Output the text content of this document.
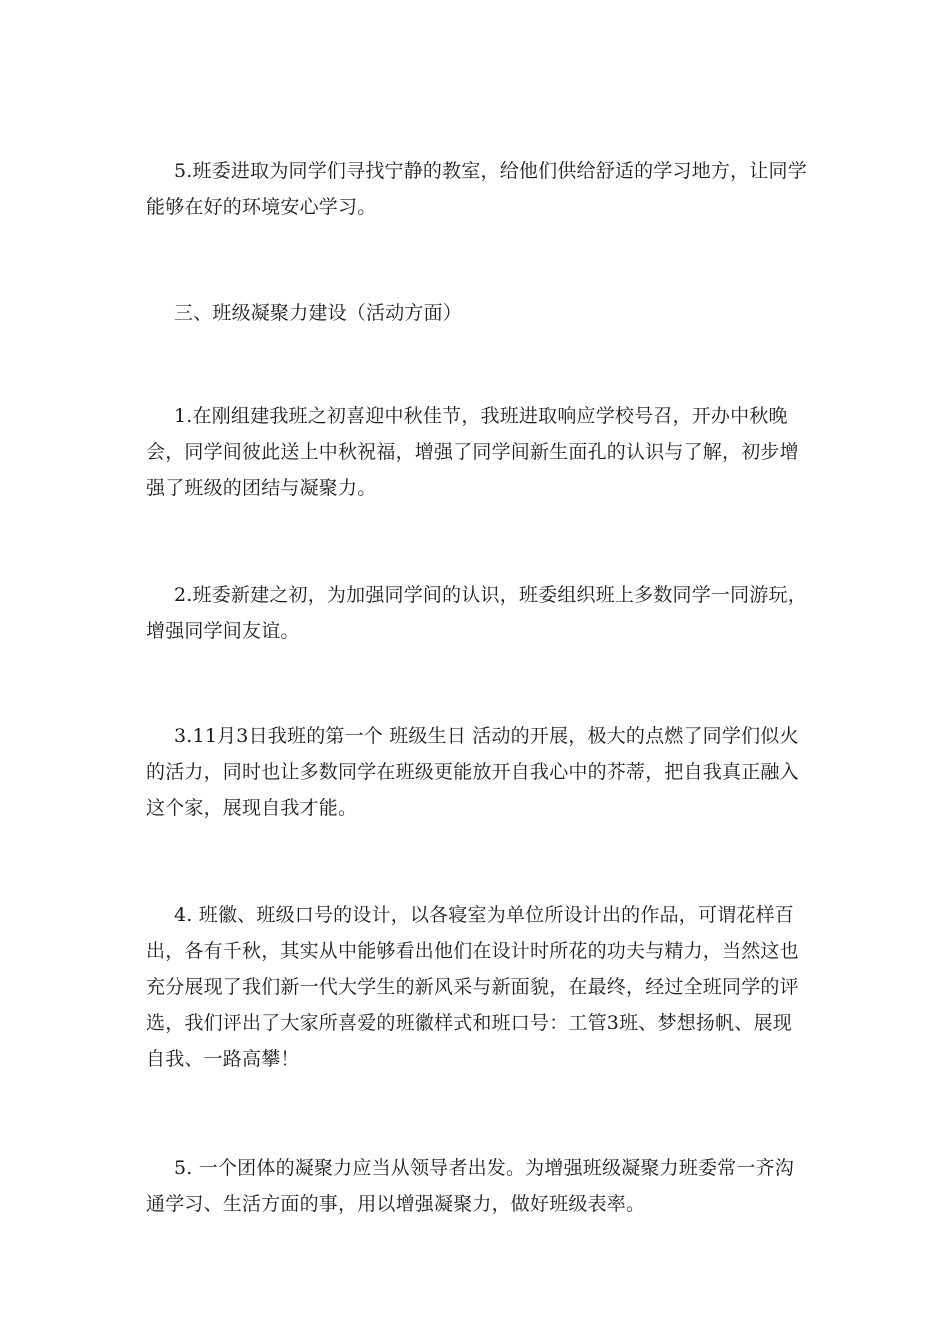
5.班委进取为同学们寻找宁静的教室，给他们供给舒适的学习地方，让同学能够在好的环境安心学习。

三、班级凝聚力建设（活动方面）

1.在刚组建我班之初喜迎中秋佳节，我班进取响应学校号召，开办中秋晚会，同学间彼此送上中秋祝福，增强了同学间新生面孔的认识与了解，初步增强了班级的团结与凝聚力。

2.班委新建之初，为加强同学间的认识，班委组织班上多数同学一同游玩，增强同学间友谊。

3.11月3日我班的第一个 班级生日 活动的开展，极大的点燃了同学们似火的活力，同时也让多数同学在班级更能放开自我心中的芥蒂，把自我真正融入这个家，展现自我才能。

4. 班徽、班级口号的设计，以各寝室为单位所设计出的作品，可谓花样百出，各有千秋，其实从中能够看出他们在设计时所花的功夫与精力，当然这也充分展现了我们新一代大学生的新风采与新面貌，在最终，经过全班同学的评选，我们评出了大家所喜爱的班徽样式和班口号：工管3班、梦想扬帆、展现自我、一路高攀！

5. 一个团体的凝聚力应当从领导者出发。为增强班级凝聚力班委常一齐沟通学习、生活方面的事，用以增强凝聚力，做好班级表率。
